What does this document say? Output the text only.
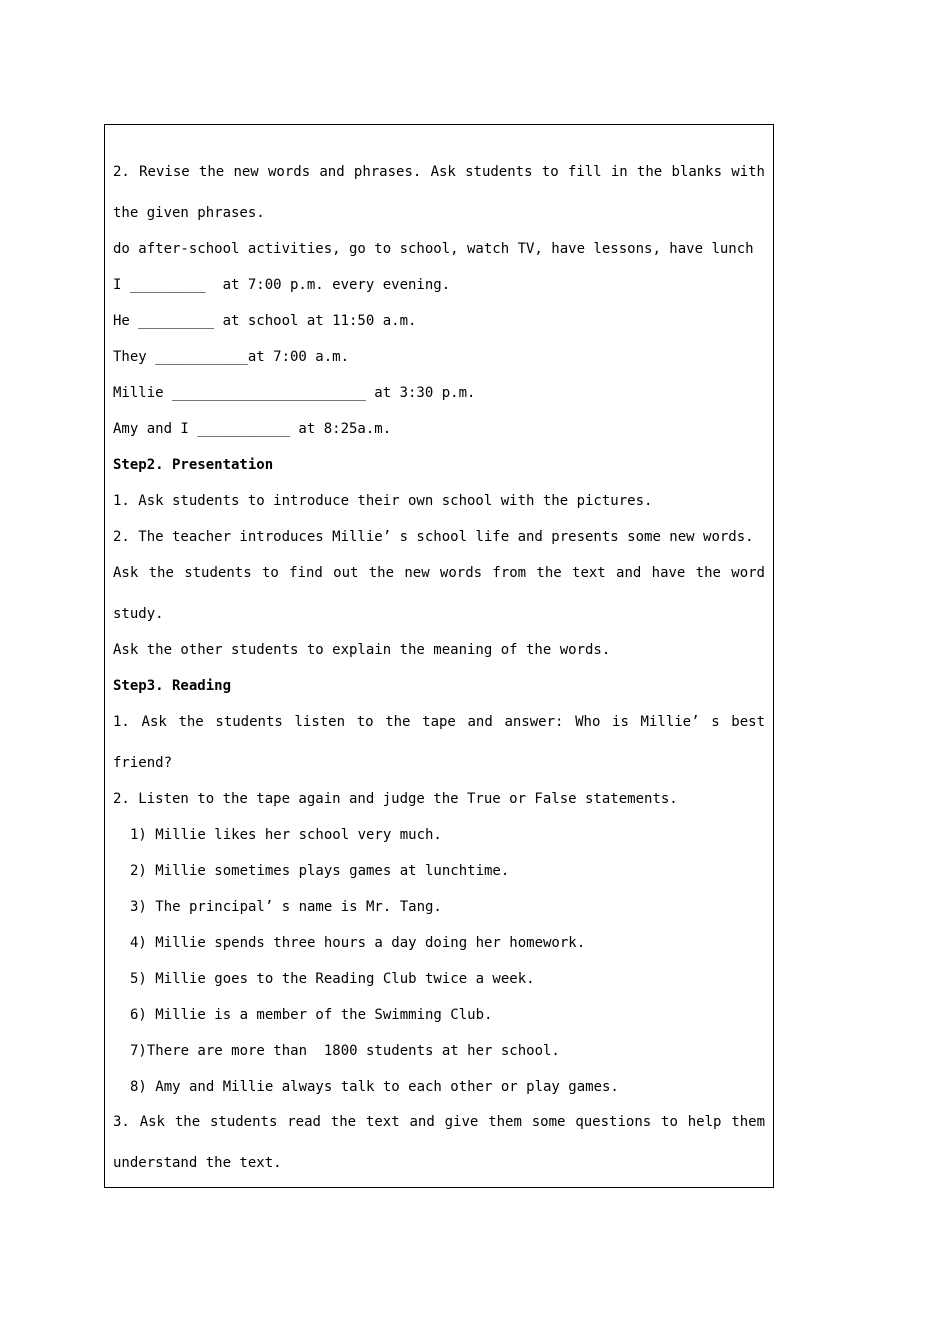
2. Revise the new words and phrases. Ask students to fill in the blanks with
the given phrases.
do after-school activities, go to school, watch TV, have lessons, have lunch
I _________  at 7:00 p.m. every evening.
He _________ at school at 11:50 a.m.
They ___________at 7:00 a.m.
Millie _______________________ at 3:30 p.m.
Amy and I ___________ at 8:25a.m.
Step2. Presentation
1. Ask students to introduce their own school with the pictures.
2. The teacher introduces Millie’ s school life and presents some new words.
Ask the students to find out the new words from the text and have the word
study.
Ask the other students to explain the meaning of the words.
Step3. Reading
1. Ask the students listen to the tape and answer: Who is Millie’ s best
friend?
2. Listen to the tape again and judge the True or False statements.
1) Millie likes her school very much.
2) Millie sometimes plays games at lunchtime.
3) The principal’ s name is Mr. Tang.
4) Millie spends three hours a day doing her homework.
5) Millie goes to the Reading Club twice a week.
6) Millie is a member of the Swimming Club.
7)There are more than  1800 students at her school.
8) Amy and Millie always talk to each other or play games.
3. Ask the students read the text and give them some questions to help them
understand the text.
